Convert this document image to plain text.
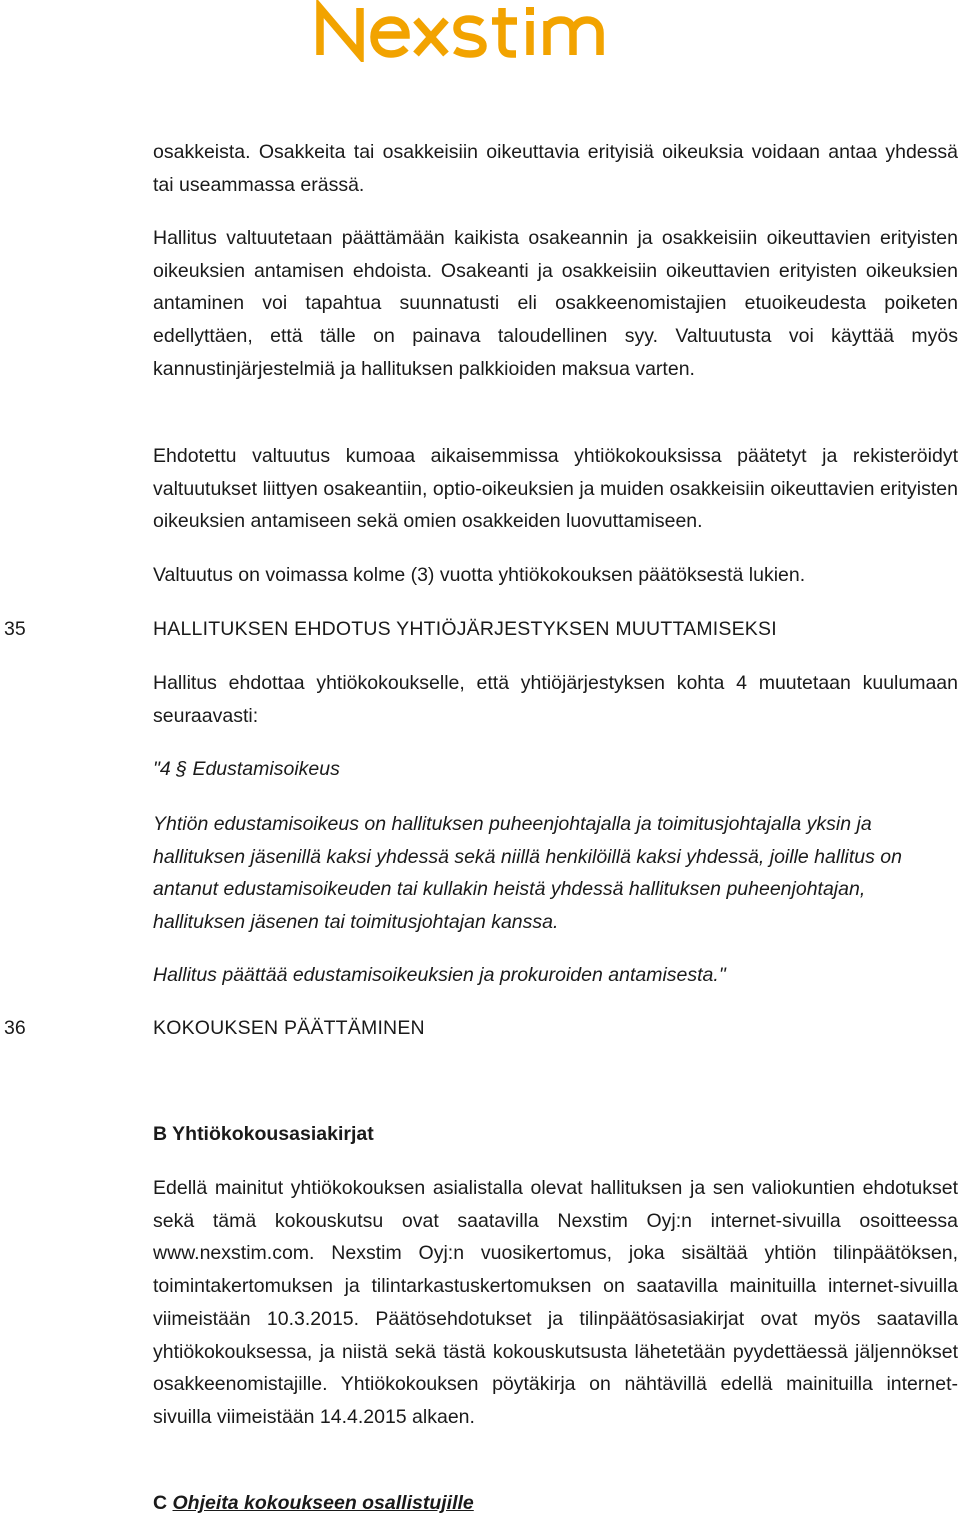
osakkeista. Osakkeita tai osakkeisiin oikeuttavia erityisiä oikeuksia voidaan antaa yhdessä tai useammassa erässä.

Hallitus valtuutetaan päättämään kaikista osakeannin ja osakkeisiin oikeuttavien erityisten oikeuksien antamisen ehdoista. Osakeanti ja osakkeisiin oikeuttavien erityisten oikeuksien antaminen voi tapahtua suunnatusti eli osakkeenomistajien etuoikeudesta poiketen edellyttäen, että tälle on painava taloudellinen syy. Valtuutusta voi käyttää myös kannustinjärjestelmiä ja hallituksen palkkioiden maksua varten.

Ehdotettu valtuutus kumoaa aikaisemmissa yhtiökokouksissa päätetyt ja rekisteröidyt valtuutukset liittyen osakeantiin, optio-oikeuksien ja muiden osakkeisiin oikeuttavien erityisten oikeuksien antamiseen sekä omien osakkeiden luovuttamiseen.

Valtuutus on voimassa kolme (3) vuotta yhtiökokouksen päätöksestä lukien.

35	HALLITUKSEN EHDOTUS YHTIÖJÄRJESTYKSEN MUUTTAMISEKSI

Hallitus ehdottaa yhtiökokoukselle, että yhtiöjärjestyksen kohta 4 muutetaan kuulumaan seuraavasti:

"4 § Edustamisoikeus

Yhtiön edustamisoikeus on hallituksen puheenjohtajalla ja toimitusjohtajalla yksin ja hallituksen jäsenillä kaksi yhdessä sekä niillä henkilöillä kaksi yhdessä, joille hallitus on antanut edustamisoikeuden tai kullakin heistä yhdessä hallituksen puheenjohtajan, hallituksen jäsenen tai toimitusjohtajan kanssa.

Hallitus päättää edustamisoikeuksien ja prokuroiden antamisesta."

36	KOKOUKSEN PÄÄTTÄMINEN

B Yhtiökokousasiakirjat

Edellä mainitut yhtiökokouksen asialistalla olevat hallituksen ja sen valiokuntien ehdotukset sekä tämä kokouskutsu ovat saatavilla Nexstim Oyj:n internet-sivuilla osoitteessa www.nexstim.com. Nexstim Oyj:n vuosikertomus, joka sisältää yhtiön tilinpäätöksen, toimintakertomuksen ja tilintarkastuskertomuksen on saatavilla mainituilla internet-sivuilla viimeistään 10.3.2015. Päätösehdotukset ja tilinpäätösasiakirjat ovat myös saatavilla yhtiökokouksessa, ja niistä sekä tästä kokouskutsusta lähetetään pyydettäessä jäljennökset osakkeenomistajille. Yhtiökokouksen pöytäkirja on nähtävillä edellä mainituilla internet-sivuilla viimeistään 14.4.2015 alkaen.

C Ohjeita kokoukseen osallistujille
